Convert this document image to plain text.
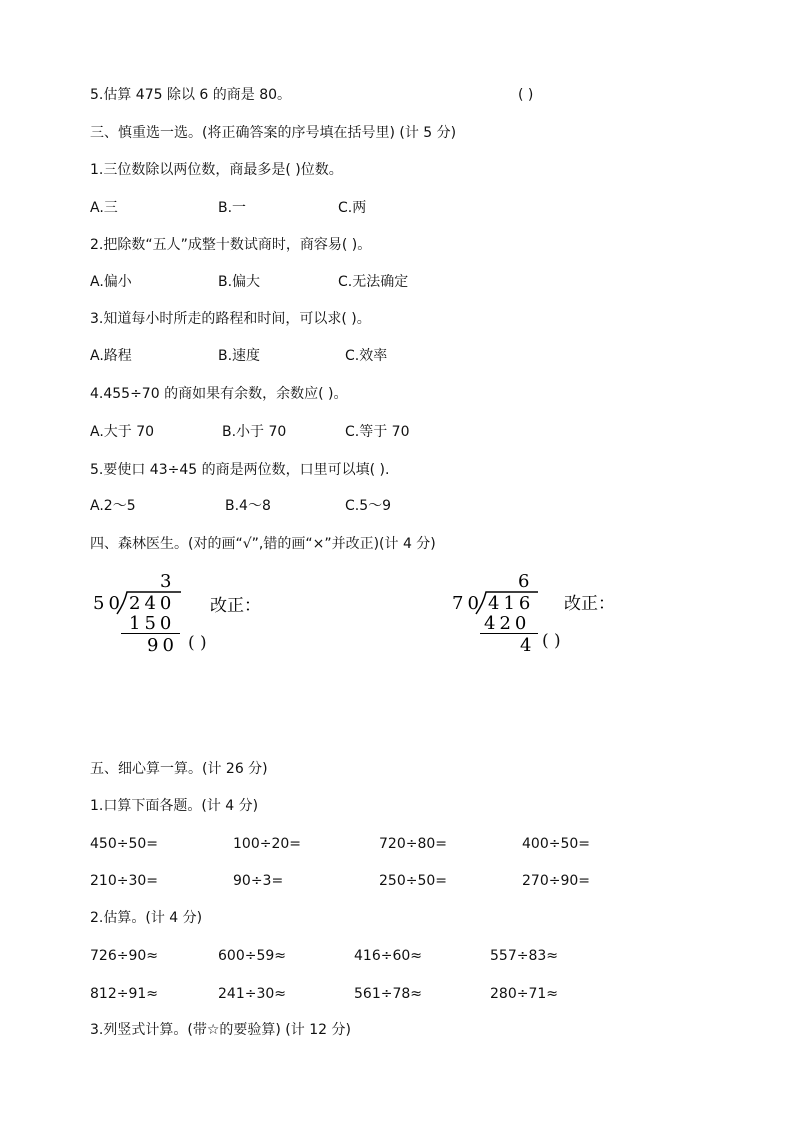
5.估算 475 除以 6 的商是 80。	( )
三、慎重选一选。(将正确答案的序号填在括号里) (计 5 分)
1.三位数除以两位数，商最多是( )位数。
A.三	B.一	C.两
2.把除数“五人”成整十数试商时，商容易( )。
A.偏小	B.偏大	C.无法确定
3.知道每小时所走的路程和时间，可以求( )。
A.路程	B.速度	C.效率
4.455÷70 的商如果有余数，余数应( )。
A.大于 70	B.小于 70	C.等于 70
5.要使口 43÷45 的商是两位数，口里可以填( ).
A.2～5	B.4～8	C.5～9
四、森林医生。(对的画“√”,错的画“×”并改正)(计 4 分)
3
50 240
150
90
改正：
( )
6
70 416
420
4
改正：
( )
五、细心算一算。(计 26 分)
1.口算下面各题。(计 4 分)
450÷50=	100÷20=	720÷80=	400÷50=
210÷30=	90÷3=	250÷50=	270÷90=
2.估算。(计 4 分)
726÷90≈	600÷59≈	416÷60≈	557÷83≈
812÷91≈	241÷30≈	561÷78≈	280÷71≈
3.列竖式计算。(带☆的要验算) (计 12 分)
